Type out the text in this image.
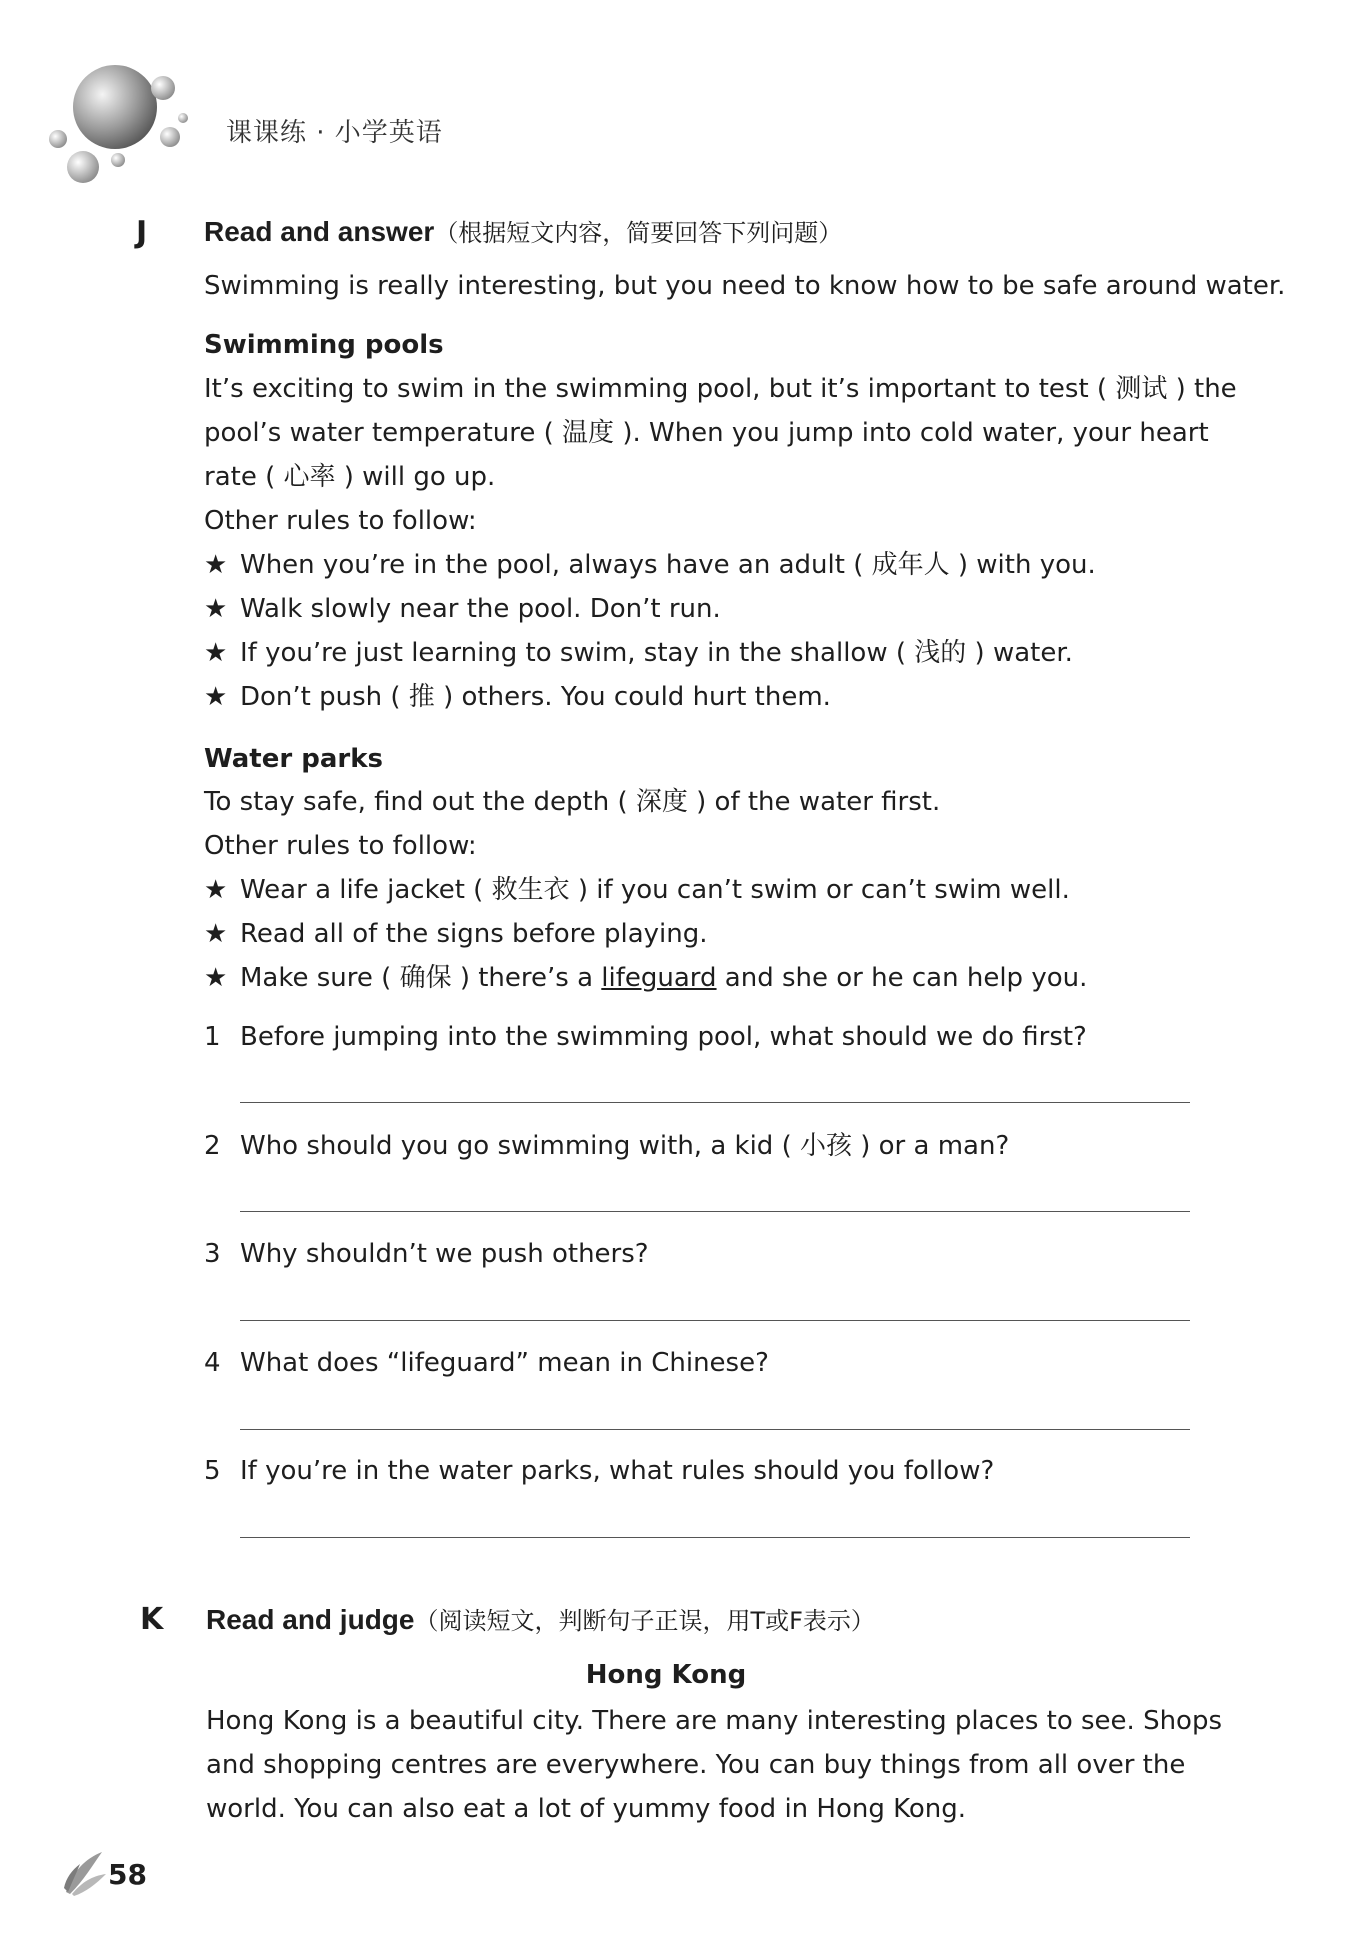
课课练 · 小学英语
J Read and answer（根据短文内容，简要回答下列问题）
Swimming is really interesting, but you need to know how to be safe around water.
Swimming pools
It’s exciting to swim in the swimming pool, but it’s important to test ( 测试 ) the
pool’s water temperature ( 温度 ). When you jump into cold water, your heart
rate ( 心率 ) will go up.
Other rules to follow:
★ When you’re in the pool, always have an adult ( 成年人 ) with you.
★ Walk slowly near the pool. Don’t run.
★ If you’re just learning to swim, stay in the shallow ( 浅的 ) water.
★ Don’t push ( 推 ) others. You could hurt them.
Water parks
To stay safe, find out the depth ( 深度 ) of the water first.
Other rules to follow:
★ Wear a life jacket ( 救生衣 ) if you can’t swim or can’t swim well.
★ Read all of the signs before playing.
★ Make sure ( 确保 ) there’s a lifeguard and she or he can help you.
1 Before jumping into the swimming pool, what should we do first?
2 Who should you go swimming with, a kid ( 小孩 ) or a man?
3 Why shouldn’t we push others?
4 What does “lifeguard” mean in Chinese?
5 If you’re in the water parks, what rules should you follow?
K Read and judge（阅读短文，判断句子正误，用T或F表示）
Hong Kong
Hong Kong is a beautiful city. There are many interesting places to see. Shops
and shopping centres are everywhere. You can buy things from all over the
world. You can also eat a lot of yummy food in Hong Kong.
58
